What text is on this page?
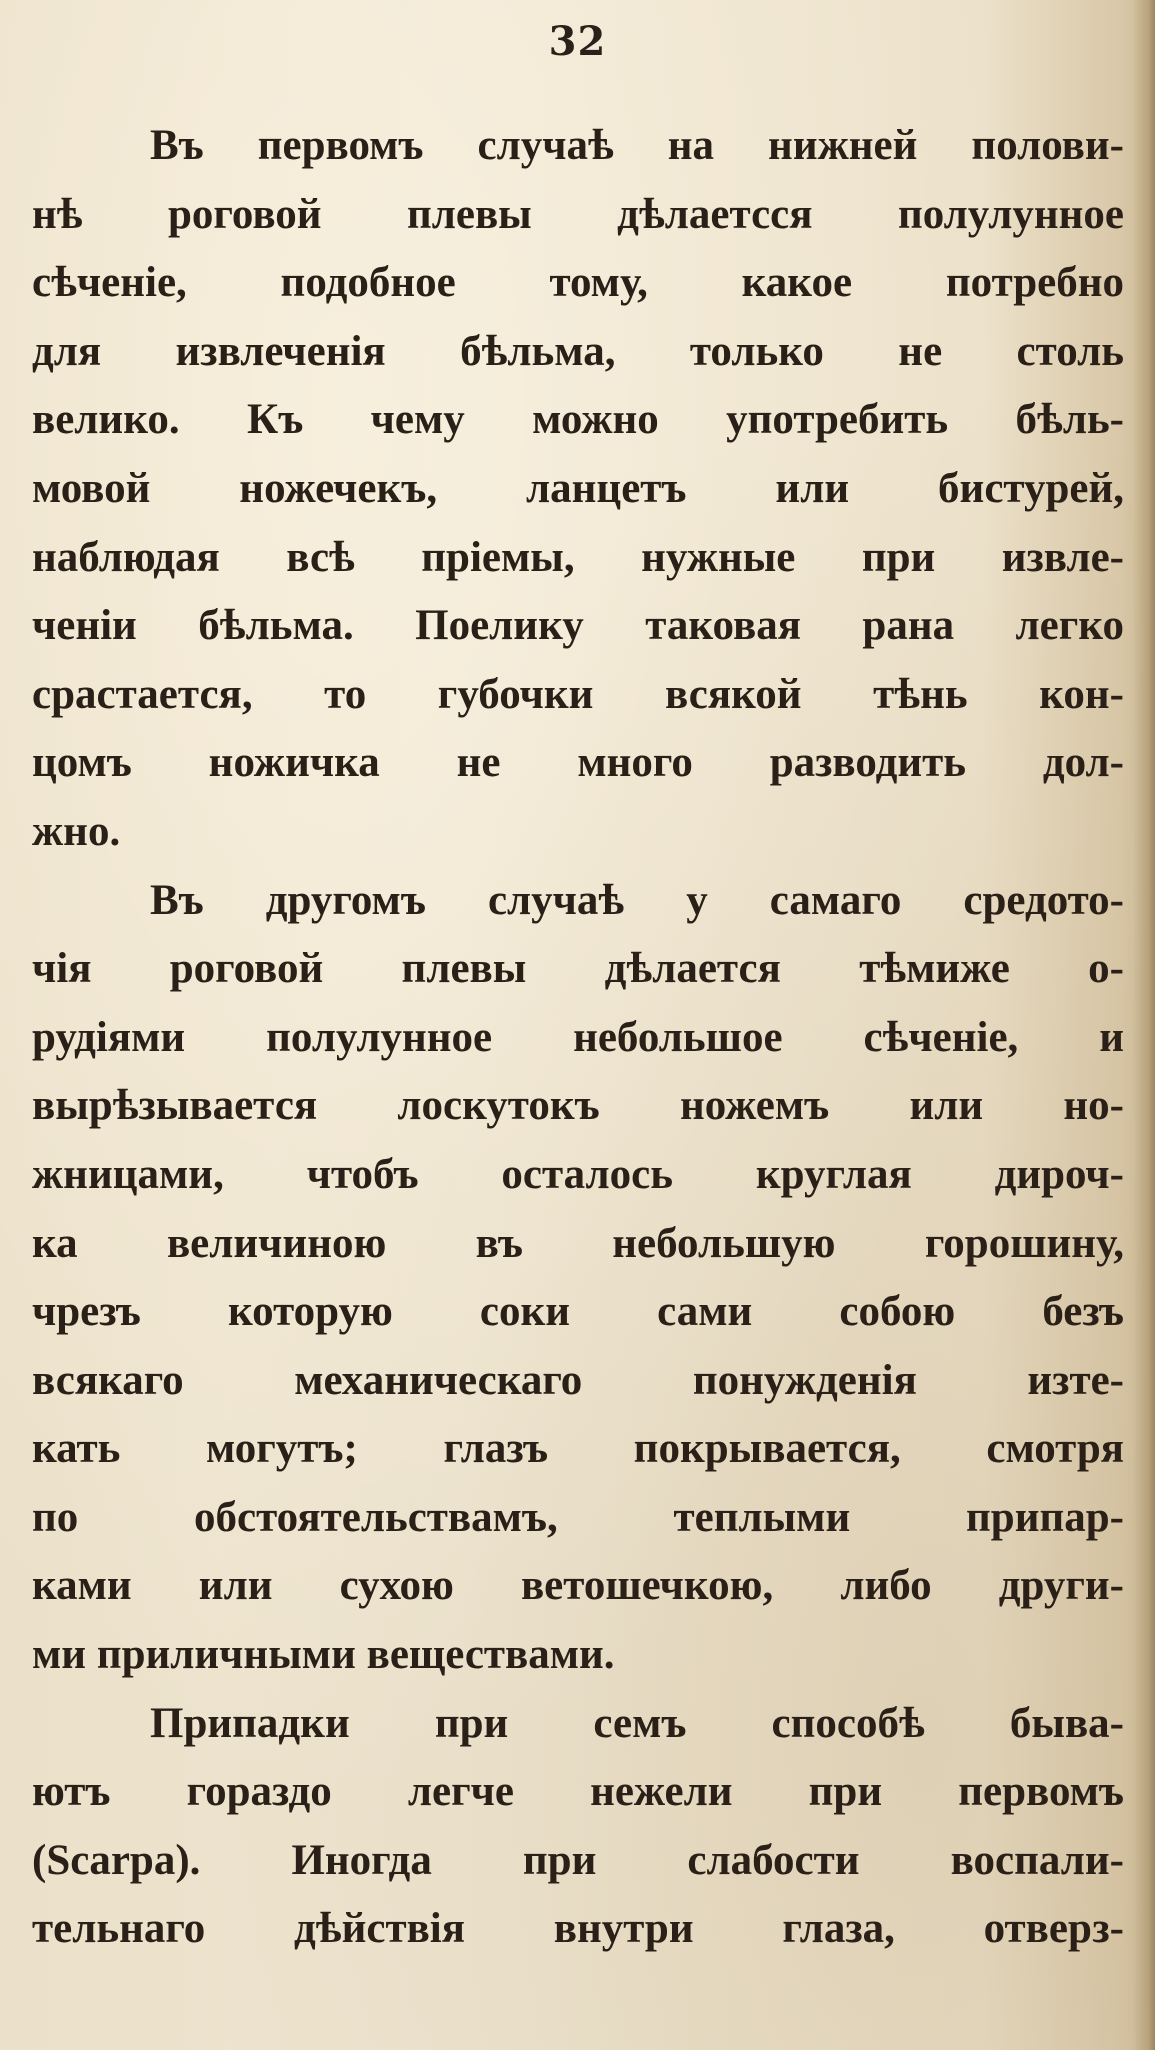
32
Въ первомъ случаѣ на нижней полови-
нѣ роговой плевы дѣлаетсся полулунное
сѣченіе, подобное тому, какое потребно
для извлеченія бѣльма, только не столь
велико. Къ чему можно употребить бѣль-
мовой ножечекъ, ланцетъ или бистурей,
наблюдая всѣ пріемы, нужные при извле-
ченіи бѣльма. Поелику таковая рана легко
срастается, то губочки всякой тѣнь кон-
цомъ ножичка не много разводить дол-
жно.
Въ другомъ случаѣ у самаго средото-
чія роговой плевы дѣлается тѣмиже о-
рудіями полулунное небольшое сѣченіе, и
вырѣзывается лоскутокъ ножемъ или но-
жницами, чтобъ осталось круглая дироч-
ка величиною въ небольшую горошину,
чрезъ которую соки сами собою безъ
всякаго механическаго понужденія изте-
кать могутъ; глазъ покрывается, смотря
по обстоятельствамъ, теплыми припар-
ками или сухою ветошечкою, либо други-
ми приличными веществами.
Припадки при семъ способѣ быва-
ютъ гораздо легче нежели при первомъ
(Scarpa). Иногда при слабости воспали-
тельнаго дѣйствія внутри глаза, отверз-
